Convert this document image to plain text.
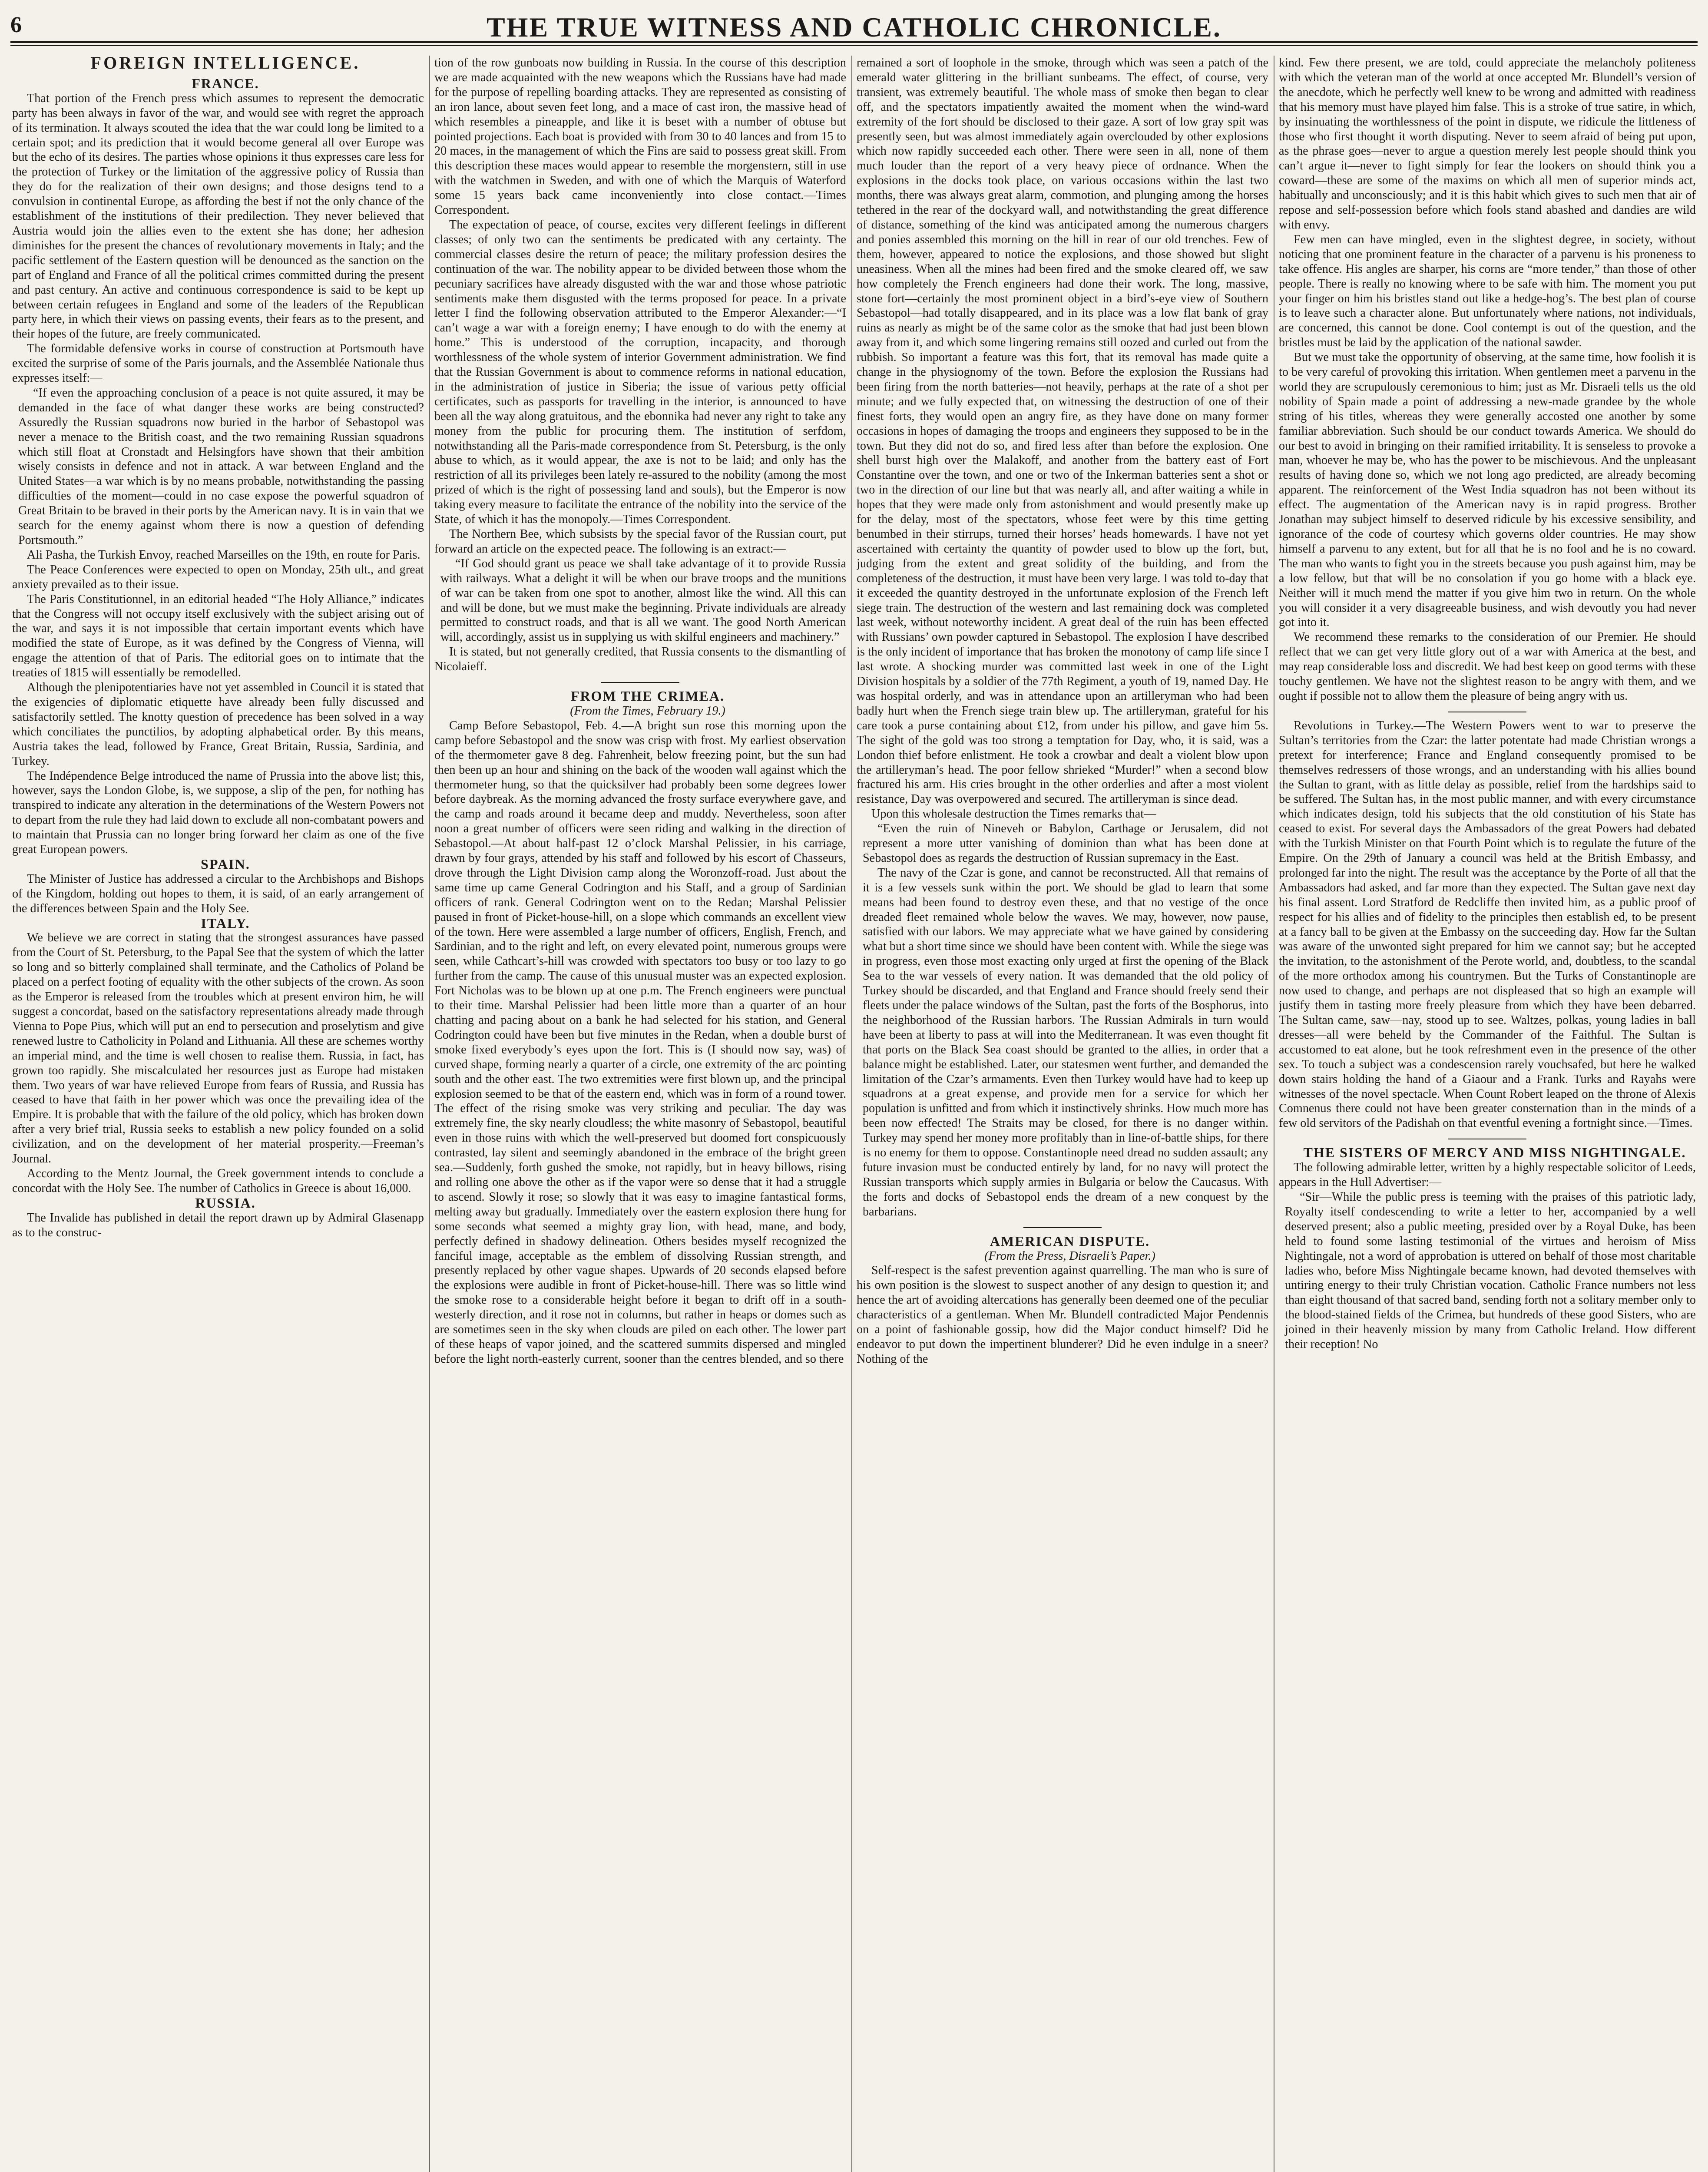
6	THE TRUE WITNESS AND CATHOLIC CHRONICLE.

FOREIGN INTELLIGENCE.

FRANCE.

That portion of the French press which assumes to represent the democratic party has been always in favor of the war, and would see with regret the approach of its termination. It always scouted the idea that the war could long be limited to a certain spot; and its prediction that it would become general all over Europe was but the echo of its desires. The parties whose opinions it thus expresses care less for the protection of Turkey or the limitation of the aggressive policy of Russia than they do for the realization of their own designs; and those designs tend to a convulsion in continental Europe, as affording the best if not the only chance of the establishment of the institutions of their predilection. They never believed that Austria would join the allies even to the extent she has done; her adhesion diminishes for the present the chances of revolutionary movements in Italy; and the pacific settlement of the Eastern question will be denounced as the sanction on the part of England and France of all the political crimes committed during the present and past century. An active and continuous correspondence is said to be kept up between certain refugees in England and some of the leaders of the Republican party here, in which their views on passing events, their fears as to the present, and their hopes of the future, are freely communicated.

The formidable defensive works in course of construction at Portsmouth have excited the surprise of some of the Paris journals, and the Assemblée Nationale thus expresses itself:—

“If even the approaching conclusion of a peace is not quite assured, it may be demanded in the face of what danger these works are being constructed? Assuredly the Russian squadrons now buried in the harbor of Sebastopol was never a menace to the British coast, and the two remaining Russian squadrons which still float at Cronstadt and Helsingfors have shown that their ambition wisely consists in defence and not in attack. A war between England and the United States—a war which is by no means probable, notwithstanding the passing difficulties of the moment—could in no case expose the powerful squadron of Great Britain to be braved in their ports by the American navy. It is in vain that we search for the enemy against whom there is now a question of defending Portsmouth.”

Ali Pasha, the Turkish Envoy, reached Marseilles on the 19th, en route for Paris.

The Peace Conferences were expected to open on Monday, 25th ult., and great anxiety prevailed as to their issue.

The Paris Constitutionnel, in an editorial headed “The Holy Alliance,” indicates that the Congress will not occupy itself exclusively with the subject arising out of the war, and says it is not impossible that certain important events which have modified the state of Europe, as it was defined by the Congress of Vienna, will engage the attention of that of Paris. The editorial goes on to intimate that the treaties of 1815 will essentially be remodelled.

Although the plenipotentiaries have not yet assembled in Council it is stated that the exigencies of diplomatic etiquette have already been fully discussed and satisfactorily settled. The knotty question of precedence has been solved in a way which conciliates the punctilios, by adopting alphabetical order. By this means, Austria takes the lead, followed by France, Great Britain, Russia, Sardinia, and Turkey.

The Indépendence Belge introduced the name of Prussia into the above list; this, however, says the London Globe, is, we suppose, a slip of the pen, for nothing has transpired to indicate any alteration in the determinations of the Western Powers not to depart from the rule they had laid down to exclude all non-combatant powers and to maintain that Prussia can no longer bring forward her claim as one of the five great European powers.

SPAIN.

The Minister of Justice has addressed a circular to the Archbishops and Bishops of the Kingdom, holding out hopes to them, it is said, of an early arrangement of the differences between Spain and the Holy See.

ITALY.

We believe we are correct in stating that the strongest assurances have passed from the Court of St. Petersburg, to the Papal See that the system of which the latter so long and so bitterly complained shall terminate, and the Catholics of Poland be placed on a perfect footing of equality with the other subjects of the crown. As soon as the Emperor is released from the troubles which at present environ him, he will suggest a concordat, based on the satisfactory representations already made through Vienna to Pope Pius, which will put an end to persecution and proselytism and give renewed lustre to Catholicity in Poland and Lithuania. All these are schemes worthy an imperial mind, and the time is well chosen to realise them. Russia, in fact, has grown too rapidly. She miscalculated her resources just as Europe had mistaken them. Two years of war have relieved Europe from fears of Russia, and Russia has ceased to have that faith in her power which was once the prevailing idea of the Empire. It is probable that with the failure of the old policy, which has broken down after a very brief trial, Russia seeks to establish a new policy founded on a solid civilization, and on the development of her material prosperity.—Freeman’s Journal.

According to the Mentz Journal, the Greek government intends to conclude a concordat with the Holy See. The number of Catholics in Greece is about 16,000.

RUSSIA.

The Invalide has published in detail the report drawn up by Admiral Glasenapp as to the construc-

tion of the row gunboats now building in Russia. In the course of this description we are made acquainted with the new weapons which the Russians have had made for the purpose of repelling boarding attacks. They are represented as consisting of an iron lance, about seven feet long, and a mace of cast iron, the massive head of which resembles a pineapple, and like it is beset with a number of obtuse but pointed projections. Each boat is provided with from 30 to 40 lances and from 15 to 20 maces, in the management of which the Fins are said to possess great skill. From this description these maces would appear to resemble the morgenstern, still in use with the watchmen in Sweden, and with one of which the Marquis of Waterford some 15 years back came inconveniently into close contact.—Times Correspondent.

The expectation of peace, of course, excites very different feelings in different classes; of only two can the sentiments be predicated with any certainty. The commercial classes desire the return of peace; the military profession desires the continuation of the war. The nobility appear to be divided between those whom the pecuniary sacrifices have already disgusted with the war and those whose patriotic sentiments make them disgusted with the terms proposed for peace. In a private letter I find the following observation attributed to the Emperor Alexander:—“I can’t wage a war with a foreign enemy; I have enough to do with the enemy at home.” This is understood of the corruption, incapacity, and thorough worthlessness of the whole system of interior Government administration. We find that the Russian Government is about to commence reforms in national education, in the administration of justice in Siberia; the issue of various petty official certificates, such as passports for travelling in the interior, is announced to have been all the way along gratuitous, and the ebonnika had never any right to take any money from the public for procuring them. The institution of serfdom, notwithstanding all the Paris-made correspondence from St. Petersburg, is the only abuse to which, as it would appear, the axe is not to be laid; and only has the restriction of all its privileges been lately re-assured to the nobility (among the most prized of which is the right of possessing land and souls), but the Emperor is now taking every measure to facilitate the entrance of the nobility into the service of the State, of which it has the monopoly.—Times Correspondent.

The Northern Bee, which subsists by the special favor of the Russian court, put forward an article on the expected peace. The following is an extract:—

“If God should grant us peace we shall take advantage of it to provide Russia with railways. What a delight it will be when our brave troops and the munitions of war can be taken from one spot to another, almost like the wind. All this can and will be done, but we must make the beginning. Private individuals are already permitted to construct roads, and that is all we want. The good North American will, accordingly, assist us in supplying us with skilful engineers and machinery.”

It is stated, but not generally credited, that Russia consents to the dismantling of Nicolaieff.

FROM THE CRIMEA.

(From the Times, February 19.)

Camp Before Sebastopol, Feb. 4.—A bright sun rose this morning upon the camp before Sebastopol and the snow was crisp with frost. My earliest observation of the thermometer gave 8 deg. Fahrenheit, below freezing point, but the sun had then been up an hour and shining on the back of the wooden wall against which the thermometer hung, so that the quicksilver had probably been some degrees lower before daybreak. As the morning advanced the frosty surface everywhere gave, and the camp and roads around it became deep and muddy. Nevertheless, soon after noon a great number of officers were seen riding and walking in the direction of Sebastopol.—At about half-past 12 o’clock Marshal Pelissier, in his carriage, drawn by four grays, attended by his staff and followed by his escort of Chasseurs, drove through the Light Division camp along the Woronzoff-road. Just about the same time up came General Codrington and his Staff, and a group of Sardinian officers of rank. General Codrington went on to the Redan; Marshal Pelissier paused in front of Picket-house-hill, on a slope which commands an excellent view of the town. Here were assembled a large number of officers, English, French, and Sardinian, and to the right and left, on every elevated point, numerous groups were seen, while Cathcart’s-hill was crowded with spectators too busy or too lazy to go further from the camp. The cause of this unusual muster was an expected explosion. Fort Nicholas was to be blown up at one p.m. The French engineers were punctual to their time. Marshal Pelissier had been little more than a quarter of an hour chatting and pacing about on a bank he had selected for his station, and General Codrington could have been but five minutes in the Redan, when a double burst of smoke fixed everybody’s eyes upon the fort. This is (I should now say, was) of curved shape, forming nearly a quarter of a circle, one extremity of the arc pointing south and the other east. The two extremities were first blown up, and the principal explosion seemed to be that of the eastern end, which was in form of a round tower. The effect of the rising smoke was very striking and peculiar. The day was extremely fine, the sky nearly cloudless; the white masonry of Sebastopol, beautiful even in those ruins with which the well-preserved but doomed fort conspicuously contrasted, lay silent and seemingly abandoned in the embrace of the bright green sea.—Suddenly, forth gushed the smoke, not rapidly, but in heavy billows, rising and rolling one above the other as if the vapor were so dense that it had a struggle to ascend. Slowly it rose; so slowly that it was easy to imagine fantastical forms, melting away but gradually. Immediately over the eastern explosion there hung for some seconds what seemed a mighty gray lion, with head, mane, and body, perfectly defined in shadowy delineation. Others besides myself recognized the fanciful image, acceptable as the emblem of dissolving Russian strength, and presently replaced by other vague shapes. Upwards of 20 seconds elapsed before the explosions were audible in front of Picket-house-hill. There was so little wind the smoke rose to a considerable height before it began to drift off in a south-westerly direction, and it rose not in columns, but rather in heaps or domes such as are sometimes seen in the sky when clouds are piled on each other. The lower part of these heaps of vapor joined, and the scattered summits dispersed and mingled before the light north-easterly current, sooner than the centres blended, and so there

remained a sort of loophole in the smoke, through which was seen a patch of the emerald water glittering in the brilliant sunbeams. The effect, of course, very transient, was extremely beautiful. The whole mass of smoke then began to clear off, and the spectators impatiently awaited the moment when the wind-ward extremity of the fort should be disclosed to their gaze. A sort of low gray spit was presently seen, but was almost immediately again overclouded by other explosions which now rapidly succeeded each other. There were seen in all, none of them much louder than the report of a very heavy piece of ordnance. When the explosions in the docks took place, on various occasions within the last two months, there was always great alarm, commotion, and plunging among the horses tethered in the rear of the dockyard wall, and notwithstanding the great difference of distance, something of the kind was anticipated among the numerous chargers and ponies assembled this morning on the hill in rear of our old trenches. Few of them, however, appeared to notice the explosions, and those showed but slight uneasiness. When all the mines had been fired and the smoke cleared off, we saw how completely the French engineers had done their work. The long, massive, stone fort—certainly the most prominent object in a bird’s-eye view of Southern Sebastopol—had totally disappeared, and in its place was a low flat bank of gray ruins as nearly as might be of the same color as the smoke that had just been blown away from it, and which some lingering remains still oozed and curled out from the rubbish. So important a feature was this fort, that its removal has made quite a change in the physiognomy of the town. Before the explosion the Russians had been firing from the north batteries—not heavily, perhaps at the rate of a shot per minute; and we fully expected that, on witnessing the destruction of one of their finest forts, they would open an angry fire, as they have done on many former occasions in hopes of damaging the troops and engineers they supposed to be in the town. But they did not do so, and fired less after than before the explosion. One shell burst high over the Malakoff, and another from the battery east of Fort Constantine over the town, and one or two of the Inkerman batteries sent a shot or two in the direction of our line but that was nearly all, and after waiting a while in hopes that they were made only from astonishment and would presently make up for the delay, most of the spectators, whose feet were by this time getting benumbed in their stirrups, turned their horses’ heads homewards. I have not yet ascertained with certainty the quantity of powder used to blow up the fort, but, judging from the extent and great solidity of the building, and from the completeness of the destruction, it must have been very large. I was told to-day that it exceeded the quantity destroyed in the unfortunate explosion of the French left siege train. The destruction of the western and last remaining dock was completed last week, without noteworthy incident. A great deal of the ruin has been effected with Russians’ own powder captured in Sebastopol. The explosion I have described is the only incident of importance that has broken the monotony of camp life since I last wrote. A shocking murder was committed last week in one of the Light Division hospitals by a soldier of the 77th Regiment, a youth of 19, named Day. He was hospital orderly, and was in attendance upon an artilleryman who had been badly hurt when the French siege train blew up. The artilleryman, grateful for his care took a purse containing about £12, from under his pillow, and gave him 5s. The sight of the gold was too strong a temptation for Day, who, it is said, was a London thief before enlistment. He took a crowbar and dealt a violent blow upon the artilleryman’s head. The poor fellow shrieked “Murder!” when a second blow fractured his arm. His cries brought in the other orderlies and after a most violent resistance, Day was overpowered and secured. The artilleryman is since dead.

Upon this wholesale destruction the Times remarks that—

“Even the ruin of Nineveh or Babylon, Carthage or Jerusalem, did not represent a more utter vanishing of dominion than what has been done at Sebastopol does as regards the destruction of Russian supremacy in the East.

The navy of the Czar is gone, and cannot be reconstructed. All that remains of it is a few vessels sunk within the port. We should be glad to learn that some means had been found to destroy even these, and that no vestige of the once dreaded fleet remained whole below the waves. We may, however, now pause, satisfied with our labors. We may appreciate what we have gained by considering what but a short time since we should have been content with. While the siege was in progress, even those most exacting only urged at first the opening of the Black Sea to the war vessels of every nation. It was demanded that the old policy of Turkey should be discarded, and that England and France should freely send their fleets under the palace windows of the Sultan, past the forts of the Bosphorus, into the neighborhood of the Russian harbors. The Russian Admirals in turn would have been at liberty to pass at will into the Mediterranean. It was even thought fit that ports on the Black Sea coast should be granted to the allies, in order that a balance might be established. Later, our statesmen went further, and demanded the limitation of the Czar’s armaments. Even then Turkey would have had to keep up squadrons at a great expense, and provide men for a service for which her population is unfitted and from which it instinctively shrinks. How much more has been now effected! The Straits may be closed, for there is no danger within. Turkey may spend her money more profitably than in line-of-battle ships, for there is no enemy for them to oppose. Constantinople need dread no sudden assault; any future invasion must be conducted entirely by land, for no navy will protect the Russian transports which supply armies in Bulgaria or below the Caucasus. With the forts and docks of Sebastopol ends the dream of a new conquest by the barbarians.

AMERICAN DISPUTE.

(From the Press, Disraeli’s Paper.)

Self-respect is the safest prevention against quarrelling. The man who is sure of his own position is the slowest to suspect another of any design to question it; and hence the art of avoiding altercations has generally been deemed one of the peculiar characteristics of a gentleman. When Mr. Blundell contradicted Major Pendennis on a point of fashionable gossip, how did the Major conduct himself? Did he endeavor to put down the impertinent blunderer? Did he even indulge in a sneer? Nothing of the

kind. Few there present, we are told, could appreciate the melancholy politeness with which the veteran man of the world at once accepted Mr. Blundell’s version of the anecdote, which he perfectly well knew to be wrong and admitted with readiness that his memory must have played him false. This is a stroke of true satire, in which, by insinuating the worthlessness of the point in dispute, we ridicule the littleness of those who first thought it worth disputing. Never to seem afraid of being put upon, as the phrase goes—never to argue a question merely lest people should think you can’t argue it—never to fight simply for fear the lookers on should think you a coward—these are some of the maxims on which all men of superior minds act, habitually and unconsciously; and it is this habit which gives to such men that air of repose and self-possession before which fools stand abashed and dandies are wild with envy.

Few men can have mingled, even in the slightest degree, in society, without noticing that one prominent feature in the character of a parvenu is his proneness to take offence. His angles are sharper, his corns are “more tender,” than those of other people. There is really no knowing where to be safe with him. The moment you put your finger on him his bristles stand out like a hedge-hog’s. The best plan of course is to leave such a character alone. But unfortunately where nations, not individuals, are concerned, this cannot be done. Cool contempt is out of the question, and the bristles must be laid by the application of the national sawder.

But we must take the opportunity of observing, at the same time, how foolish it is to be very careful of provoking this irritation. When gentlemen meet a parvenu in the world they are scrupulously ceremonious to him; just as Mr. Disraeli tells us the old nobility of Spain made a point of addressing a new-made grandee by the whole string of his titles, whereas they were generally accosted one another by some familiar abbreviation. Such should be our conduct towards America. We should do our best to avoid in bringing on their ramified irritability. It is senseless to provoke a man, whoever he may be, who has the power to be mischievous. And the unpleasant results of having done so, which we not long ago predicted, are already becoming apparent. The reinforcement of the West India squadron has not been without its effect. The augmentation of the American navy is in rapid progress. Brother Jonathan may subject himself to deserved ridicule by his excessive sensibility, and ignorance of the code of courtesy which governs older countries. He may show himself a parvenu to any extent, but for all that he is no fool and he is no coward. The man who wants to fight you in the streets because you push against him, may be a low fellow, but that will be no consolation if you go home with a black eye. Neither will it much mend the matter if you give him two in return. On the whole you will consider it a very disagreeable business, and wish devoutly you had never got into it.

We recommend these remarks to the consideration of our Premier. He should reflect that we can get very little glory out of a war with America at the best, and may reap considerable loss and discredit. We had best keep on good terms with these touchy gentlemen. We have not the slightest reason to be angry with them, and we ought if possible not to allow them the pleasure of being angry with us.

Revolutions in Turkey.—The Western Powers went to war to preserve the Sultan’s territories from the Czar: the latter potentate had made Christian wrongs a pretext for interference; France and England consequently promised to be themselves redressers of those wrongs, and an understanding with his allies bound the Sultan to grant, with as little delay as possible, relief from the hardships said to be suffered. The Sultan has, in the most public manner, and with every circumstance which indicates design, told his subjects that the old constitution of his State has ceased to exist. For several days the Ambassadors of the great Powers had debated with the Turkish Minister on that Fourth Point which is to regulate the future of the Empire. On the 29th of January a council was held at the British Embassy, and prolonged far into the night. The result was the acceptance by the Porte of all that the Ambassadors had asked, and far more than they expected. The Sultan gave next day his final assent. Lord Stratford de Redcliffe then invited him, as a public proof of respect for his allies and of fidelity to the principles then establish ed, to be present at a fancy ball to be given at the Embassy on the succeeding day. How far the Sultan was aware of the unwonted sight prepared for him we cannot say; but he accepted the invitation, to the astonishment of the Perote world, and, doubtless, to the scandal of the more orthodox among his countrymen. But the Turks of Constantinople are now used to change, and perhaps are not displeased that so high an example will justify them in tasting more freely pleasure from which they have been debarred. The Sultan came, saw—nay, stood up to see. Waltzes, polkas, young ladies in ball dresses—all were beheld by the Commander of the Faithful. The Sultan is accustomed to eat alone, but he took refreshment even in the presence of the other sex. To touch a subject was a condescension rarely vouchsafed, but here he walked down stairs holding the hand of a Giaour and a Frank. Turks and Rayahs were witnesses of the novel spectacle. When Count Robert leaped on the throne of Alexis Comnenus there could not have been greater consternation than in the minds of a few old servitors of the Padishah on that eventful evening a fortnight since.—Times.

THE SISTERS OF MERCY AND MISS NIGHTINGALE.

The following admirable letter, written by a highly respectable solicitor of Leeds, appears in the Hull Advertiser:—

“Sir—While the public press is teeming with the praises of this patriotic lady, Royalty itself condescending to write a letter to her, accompanied by a well deserved present; also a public meeting, presided over by a Royal Duke, has been held to found some lasting testimonial of the virtues and heroism of Miss Nightingale, not a word of approbation is uttered on behalf of those most charitable ladies who, before Miss Nightingale became known, had devoted themselves with untiring energy to their truly Christian vocation. Catholic France numbers not less than eight thousand of that sacred band, sending forth not a solitary member only to the blood-stained fields of the Crimea, but hundreds of these good Sisters, who are joined in their heavenly mission by many from Catholic Ireland. How different their reception! No
